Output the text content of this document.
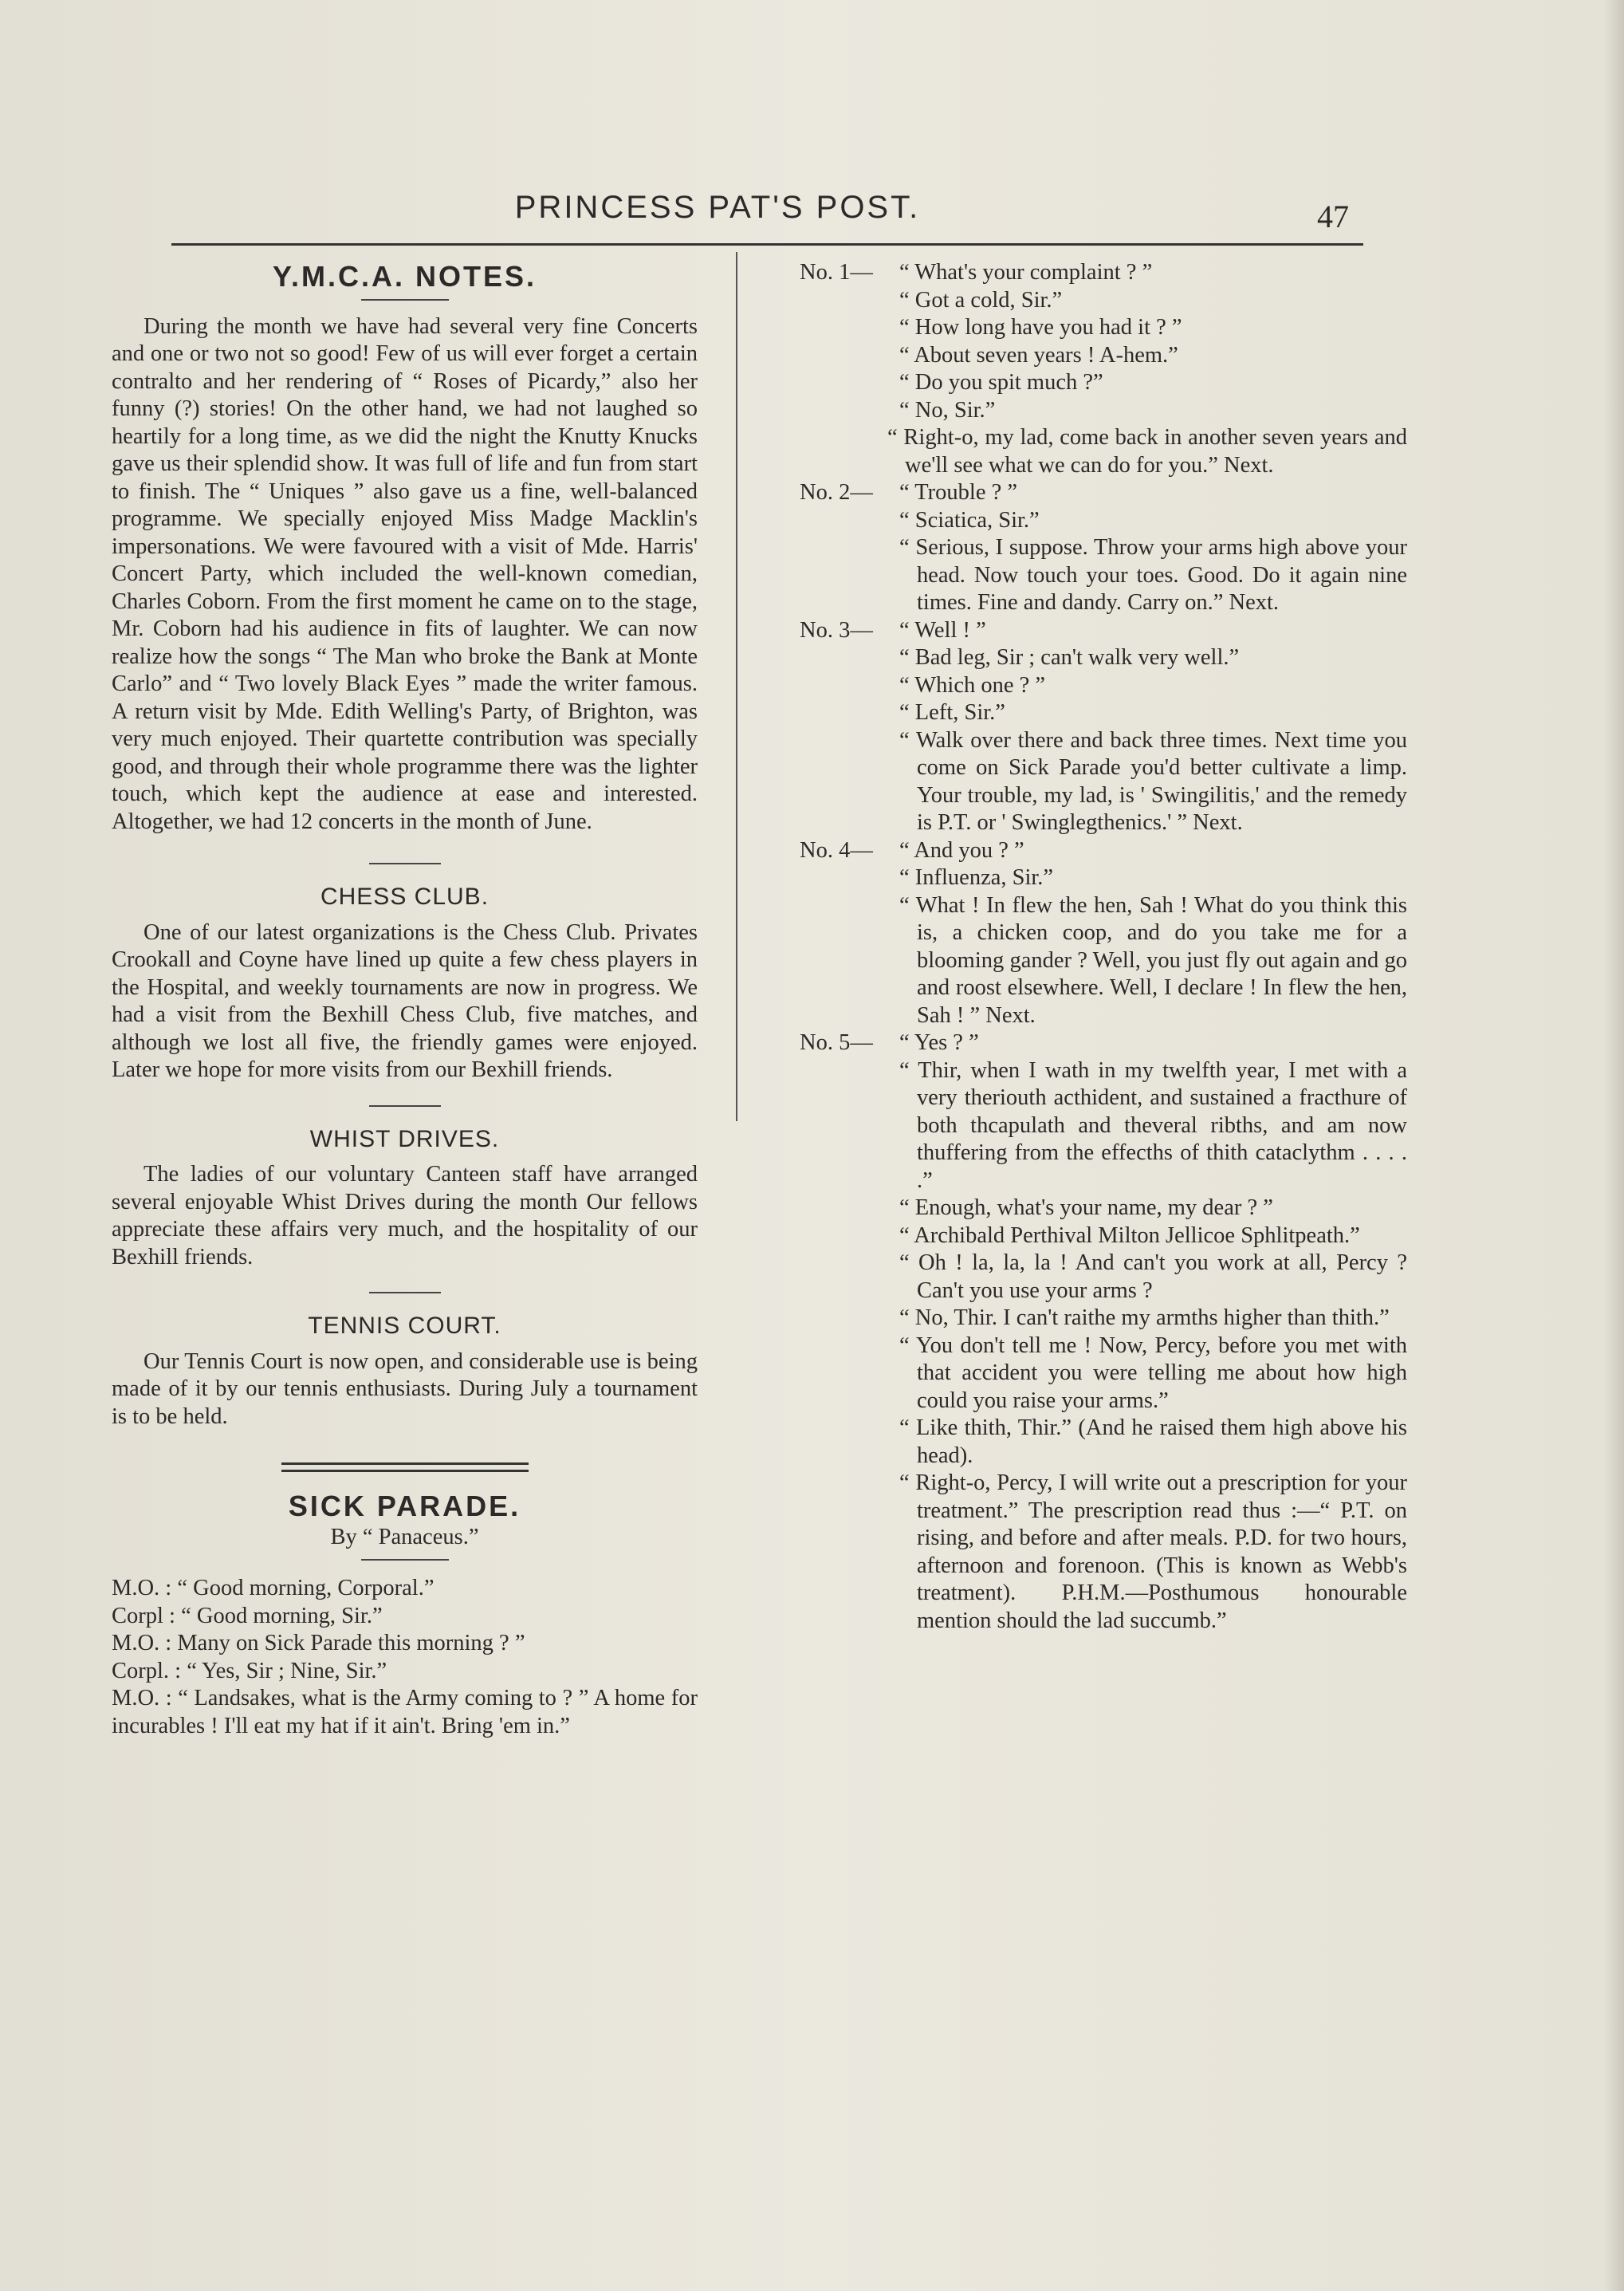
PRINCESS PAT'S POST.	47
Y.M.C.A. NOTES.

During the month we have had several very fine Concerts and one or two not so good! Few of us will ever forget a certain contralto and her rendering of “ Roses of Picardy,” also her funny (?) stories! On the other hand, we had not laughed so heartily for a long time, as we did the night the Knutty Knucks gave us their splendid show. It was full of life and fun from start to finish. The “ Uniques ” also gave us a fine, well-balanced programme. We specially enjoyed Miss Madge Macklin's impersonations. We were favoured with a visit of Mde. Harris' Concert Party, which included the well-known comedian, Charles Coborn. From the first moment he came on to the stage, Mr. Coborn had his audience in fits of laughter. We can now realize how the songs “ The Man who broke the Bank at Monte Carlo” and “ Two lovely Black Eyes ” made the writer famous. A return visit by Mde. Edith Welling's Party, of Brighton, was very much enjoyed. Their quartette contribution was specially good, and through their whole programme there was the lighter touch, which kept the audience at ease and interested. Altogether, we had 12 concerts in the month of June.

CHESS CLUB.

One of our latest organizations is the Chess Club. Privates Crookall and Coyne have lined up quite a few chess players in the Hospital, and weekly tournaments are now in progress. We had a visit from the Bexhill Chess Club, five matches, and although we lost all five, the friendly games were enjoyed. Later we hope for more visits from our Bexhill friends.

WHIST DRIVES.

The ladies of our voluntary Canteen staff have arranged several enjoyable Whist Drives during the month Our fellows appreciate these affairs very much, and the hospitality of our Bexhill friends.

TENNIS COURT.

Our Tennis Court is now open, and considerable use is being made of it by our tennis enthusiasts. During July a tournament is to be held.

SICK PARADE.
By “ Panaceus.”

M.O. : “ Good morning, Corporal.”

Corpl : “ Good morning, Sir.”

M.O. : Many on Sick Parade this morning ? ”

Corpl. : “ Yes, Sir ; Nine, Sir.”

M.O. : “ Landsakes, what is the Army coming to ? ” A home for incurables ! I'll eat my hat if it ain't. Bring 'em in.”

No. 1—	“ What's your complaint ? ”

“ Got a cold, Sir.”

“ How long have you had it ? ”

“ About seven years ! A-hem.”

“ Do you spit much ?”

“ No, Sir.”

“ Right-o, my lad, come back in another seven years and we'll see what we can do for you.” Next.

No. 2—	“ Trouble ? ”

“ Sciatica, Sir.”

“ Serious, I suppose. Throw your arms high above your head. Now touch your toes. Good. Do it again nine times. Fine and dandy. Carry on.” Next.

No. 3—	“ Well ! ”

“ Bad leg, Sir ; can't walk very well.”

“ Which one ? ”

“ Left, Sir.”

“ Walk over there and back three times. Next time you come on Sick Parade you'd better cultivate a limp. Your trouble, my lad, is ' Swingilitis,' and the remedy is P.T. or ' Swinglegthenics.' ” Next.

No. 4—	“ And you ? ”

“ Influenza, Sir.”

“ What ! In flew the hen, Sah ! What do you think this is, a chicken coop, and do you take me for a blooming gander ? Well, you just fly out again and go and roost elsewhere. Well, I declare ! In flew the hen, Sah ! ” Next.

No. 5—	“ Yes ? ”

“ Thir, when I wath in my twelfth year, I met with a very theriouth acthident, and sustained a fracthure of both thcapulath and theveral ribths, and am now thuffering from the effecths of thith cataclythm . . . . .”

“ Enough, what's your name, my dear ? ”

“ Archibald Perthival Milton Jellicoe Sphlitpeath.”

“ Oh ! la, la, la ! And can't you work at all, Percy ? Can't you use your arms ?

“ No, Thir. I can't raithe my armths higher than thith.”

“ You don't tell me ! Now, Percy, before you met with that accident you were telling me about how high could you raise your arms.”

“ Like thith, Thir.” (And he raised them high above his head).

“ Right-o, Percy, I will write out a prescription for your treatment.” The prescription read thus :—“ P.T. on rising, and before and after meals. P.D. for two hours, afternoon and forenoon. (This is known as Webb's treatment). P.H.M.—Posthumous honourable mention should the lad succumb.”
